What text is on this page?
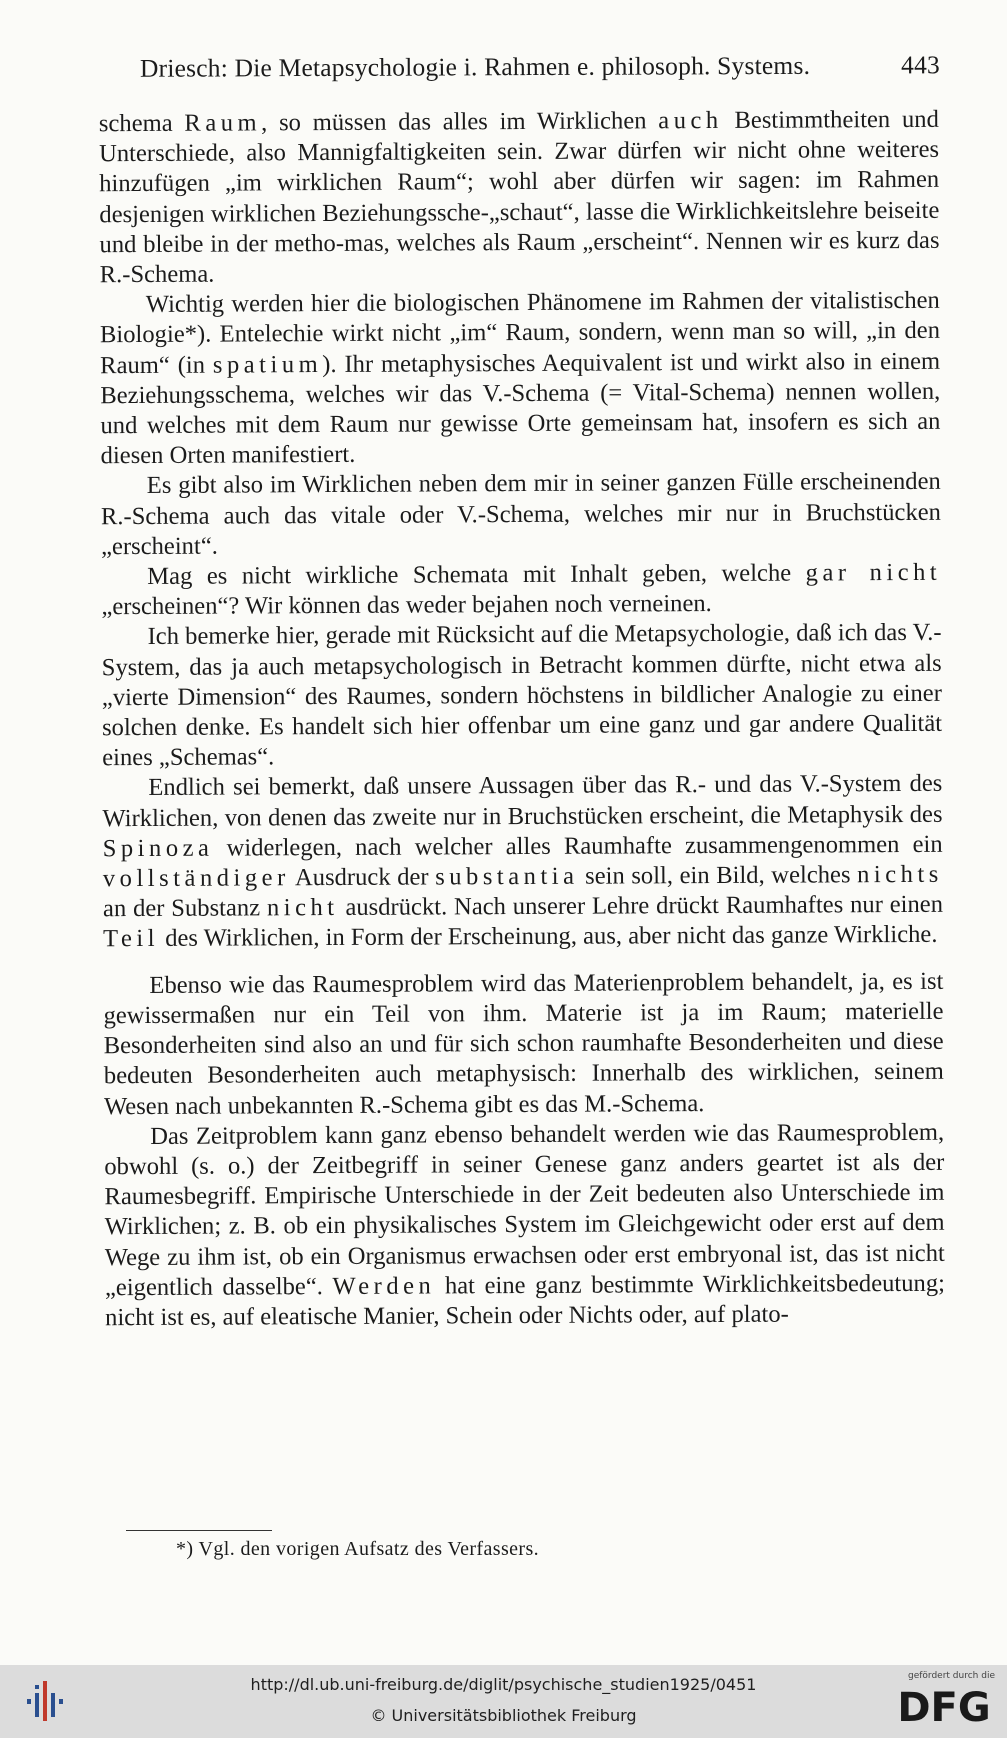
Driesch: Die Metapsychologie i. Rahmen e. philosoph. Systems.	443

schema Raum, so müssen das alles im Wirklichen auch Bestimmtheiten und Unterschiede, also Mannigfaltigkeiten sein. Zwar dürfen wir nicht ohne weiteres hinzufügen „im wirklichen Raum“; wohl aber dürfen wir sagen: im Rahmen desjenigen wirklichen Beziehungssche-„schaut“, lasse die Wirklichkeitslehre beiseite und bleibe in der metho-mas, welches als Raum „erscheint“. Nennen wir es kurz das R.-Schema.

Wichtig werden hier die biologischen Phänomene im Rahmen der vitalistischen Biologie*). Entelechie wirkt nicht „im“ Raum, sondern, wenn man so will, „in den Raum“ (in spatium). Ihr metaphysisches Aequivalent ist und wirkt also in einem Beziehungsschema, welches wir das V.-Schema (= Vital-Schema) nennen wollen, und welches mit dem Raum nur gewisse Orte gemeinsam hat, insofern es sich an diesen Orten manifestiert.

Es gibt also im Wirklichen neben dem mir in seiner ganzen Fülle erscheinenden R.-Schema auch das vitale oder V.-Schema, welches mir nur in Bruchstücken „erscheint“.

Mag es nicht wirkliche Schemata mit Inhalt geben, welche gar nicht „erscheinen“? Wir können das weder bejahen noch verneinen.

Ich bemerke hier, gerade mit Rücksicht auf die Metapsychologie, daß ich das V.-System, das ja auch metapsychologisch in Betracht kommen dürfte, nicht etwa als „vierte Dimension“ des Raumes, sondern höchstens in bildlicher Analogie zu einer solchen denke. Es handelt sich hier offenbar um eine ganz und gar andere Qualität eines „Schemas“.

Endlich sei bemerkt, daß unsere Aussagen über das R.- und das V.-System des Wirklichen, von denen das zweite nur in Bruchstücken erscheint, die Metaphysik des Spinoza widerlegen, nach welcher alles Raumhafte zusammengenommen ein vollständiger Ausdruck der substantia sein soll, ein Bild, welches nichts an der Substanz nicht ausdrückt. Nach unserer Lehre drückt Raumhaftes nur einen Teil des Wirklichen, in Form der Erscheinung, aus, aber nicht das ganze Wirkliche.

Ebenso wie das Raumesproblem wird das Materienproblem behandelt, ja, es ist gewissermaßen nur ein Teil von ihm. Materie ist ja im Raum; materielle Besonderheiten sind also an und für sich schon raumhafte Besonderheiten und diese bedeuten Besonderheiten auch metaphysisch: Innerhalb des wirklichen, seinem Wesen nach unbekannten R.-Schema gibt es das M.-Schema.

Das Zeitproblem kann ganz ebenso behandelt werden wie das Raumesproblem, obwohl (s. o.) der Zeitbegriff in seiner Genese ganz anders geartet ist als der Raumesbegriff. Empirische Unterschiede in der Zeit bedeuten also Unterschiede im Wirklichen; z. B. ob ein physikalisches System im Gleichgewicht oder erst auf dem Wege zu ihm ist, ob ein Organismus erwachsen oder erst embryonal ist, das ist nicht „eigentlich dasselbe“. Werden hat eine ganz bestimmte Wirklichkeitsbedeutung; nicht ist es, auf eleatische Manier, Schein oder Nichts oder, auf plato-

*) Vgl. den vorigen Aufsatz des Verfassers.
http://dl.ub.uni-freiburg.de/diglit/psychische_studien1925/0451
© Universitätsbibliothek Freiburg
gefördert durch die
DFG
